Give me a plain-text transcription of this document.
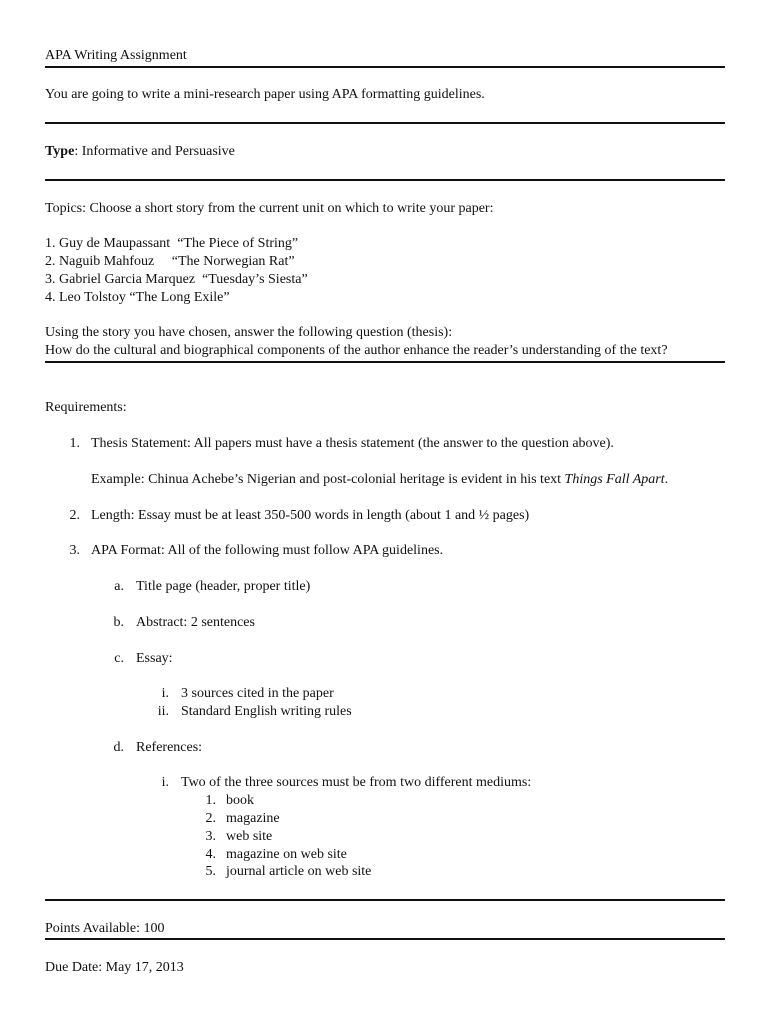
APA Writing Assignment
You are going to write a mini-research paper using APA formatting guidelines.
Type: Informative and Persuasive
Topics: Choose a short story from the current unit on which to write your paper:
1. Guy de Maupassant  “The Piece of String”
2. Naguib Mahfouz     “The Norwegian Rat”
3. Gabriel Garcia Marquez  “Tuesday’s Siesta”
4. Leo Tolstoy “The Long Exile”
Using the story you have chosen, answer the following question (thesis):
How do the cultural and biographical components of the author enhance the reader’s understanding of the text?
Requirements:
1. Thesis Statement: All papers must have a thesis statement (the answer to the question above).
Example: Chinua Achebe’s Nigerian and post-colonial heritage is evident in his text Things Fall Apart.
2. Length: Essay must be at least 350-500 words in length (about 1 and ½ pages)
3. APA Format: All of the following must follow APA guidelines.
a. Title page (header, proper title)
b. Abstract: 2 sentences
c. Essay:
i. 3 sources cited in the paper
ii. Standard English writing rules
d. References:
i. Two of the three sources must be from two different mediums:
1. book
2. magazine
3. web site
4. magazine on web site
5. journal article on web site
Points Available: 100
Due Date: May 17, 2013
